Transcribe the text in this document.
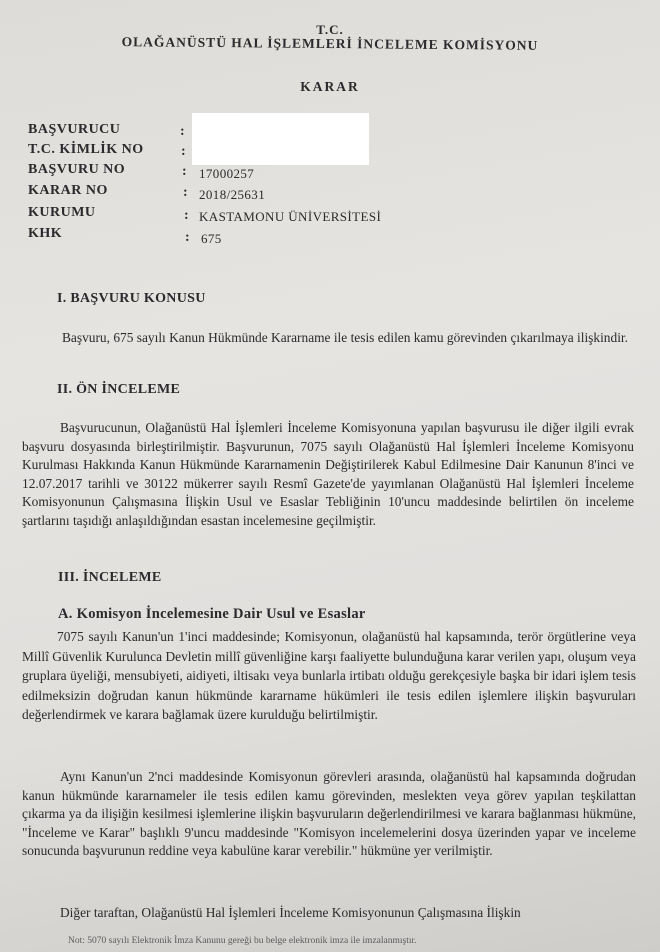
T.C.
OLAĞANÜSTÜ HAL İŞLEMLERİ İNCELEME KOMİSYONU
KARAR
BAŞVURUCU	:
T.C. KİMLİK NO	:
BAŞVURU NO	: 17000257
KARAR NO	: 2018/25631
KURUMU	: KASTAMONU ÜNİVERSİTESİ
KHK	: 675
I. BAŞVURU KONUSU
Başvuru, 675 sayılı Kanun Hükmünde Kararname ile tesis edilen kamu görevinden çıkarılmaya ilişkindir.
II. ÖN İNCELEME
Başvurucunun, Olağanüstü Hal İşlemleri İnceleme Komisyonuna yapılan başvurusu ile diğer ilgili evrak başvuru dosyasında birleştirilmiştir. Başvurunun, 7075 sayılı Olağanüstü Hal İşlemleri İnceleme Komisyonu Kurulması Hakkında Kanun Hükmünde Kararnamenin Değiştirilerek Kabul Edilmesine Dair Kanunun 8'inci ve 12.07.2017 tarihli ve 30122 mükerrer sayılı Resmî Gazete'de yayımlanan Olağanüstü Hal İşlemleri İnceleme Komisyonunun Çalışmasına İlişkin Usul ve Esaslar Tebliğinin 10'uncu maddesinde belirtilen ön inceleme şartlarını taşıdığı anlaşıldığından esastan incelemesine geçilmiştir.
III. İNCELEME
A. Komisyon İncelemesine Dair Usul ve Esaslar
7075 sayılı Kanun'un 1'inci maddesinde; Komisyonun, olağanüstü hal kapsamında, terör örgütlerine veya Millî Güvenlik Kurulunca Devletin millî güvenliğine karşı faaliyette bulunduğuna karar verilen yapı, oluşum veya gruplara üyeliği, mensubiyeti, aidiyeti, iltisakı veya bunlarla irtibatı olduğu gerekçesiyle başka bir idari işlem tesis edilmeksizin doğrudan kanun hükmünde kararname hükümleri ile tesis edilen işlemlere ilişkin başvuruları değerlendirmek ve karara bağlamak üzere kurulduğu belirtilmiştir.
Aynı Kanun'un 2'nci maddesinde Komisyonun görevleri arasında, olağanüstü hal kapsamında doğrudan kanun hükmünde kararnameler ile tesis edilen kamu görevinden, meslekten veya görev yapılan teşkilattan çıkarma ya da ilişiğin kesilmesi işlemlerine ilişkin başvuruların değerlendirilmesi ve karara bağlanması hükmüne, "İnceleme ve Karar" başlıklı 9'uncu maddesinde "Komisyon incelemelerini dosya üzerinden yapar ve inceleme sonucunda başvurunun reddine veya kabulüne karar verebilir." hükmüne yer verilmiştir.
Diğer taraftan, Olağanüstü Hal İşlemleri İnceleme Komisyonunun Çalışmasına İlişkin
Not: 5070 sayılı Elektronik İmza Kanunu gereği bu belge elektronik imza ile imzalanmıştır.
